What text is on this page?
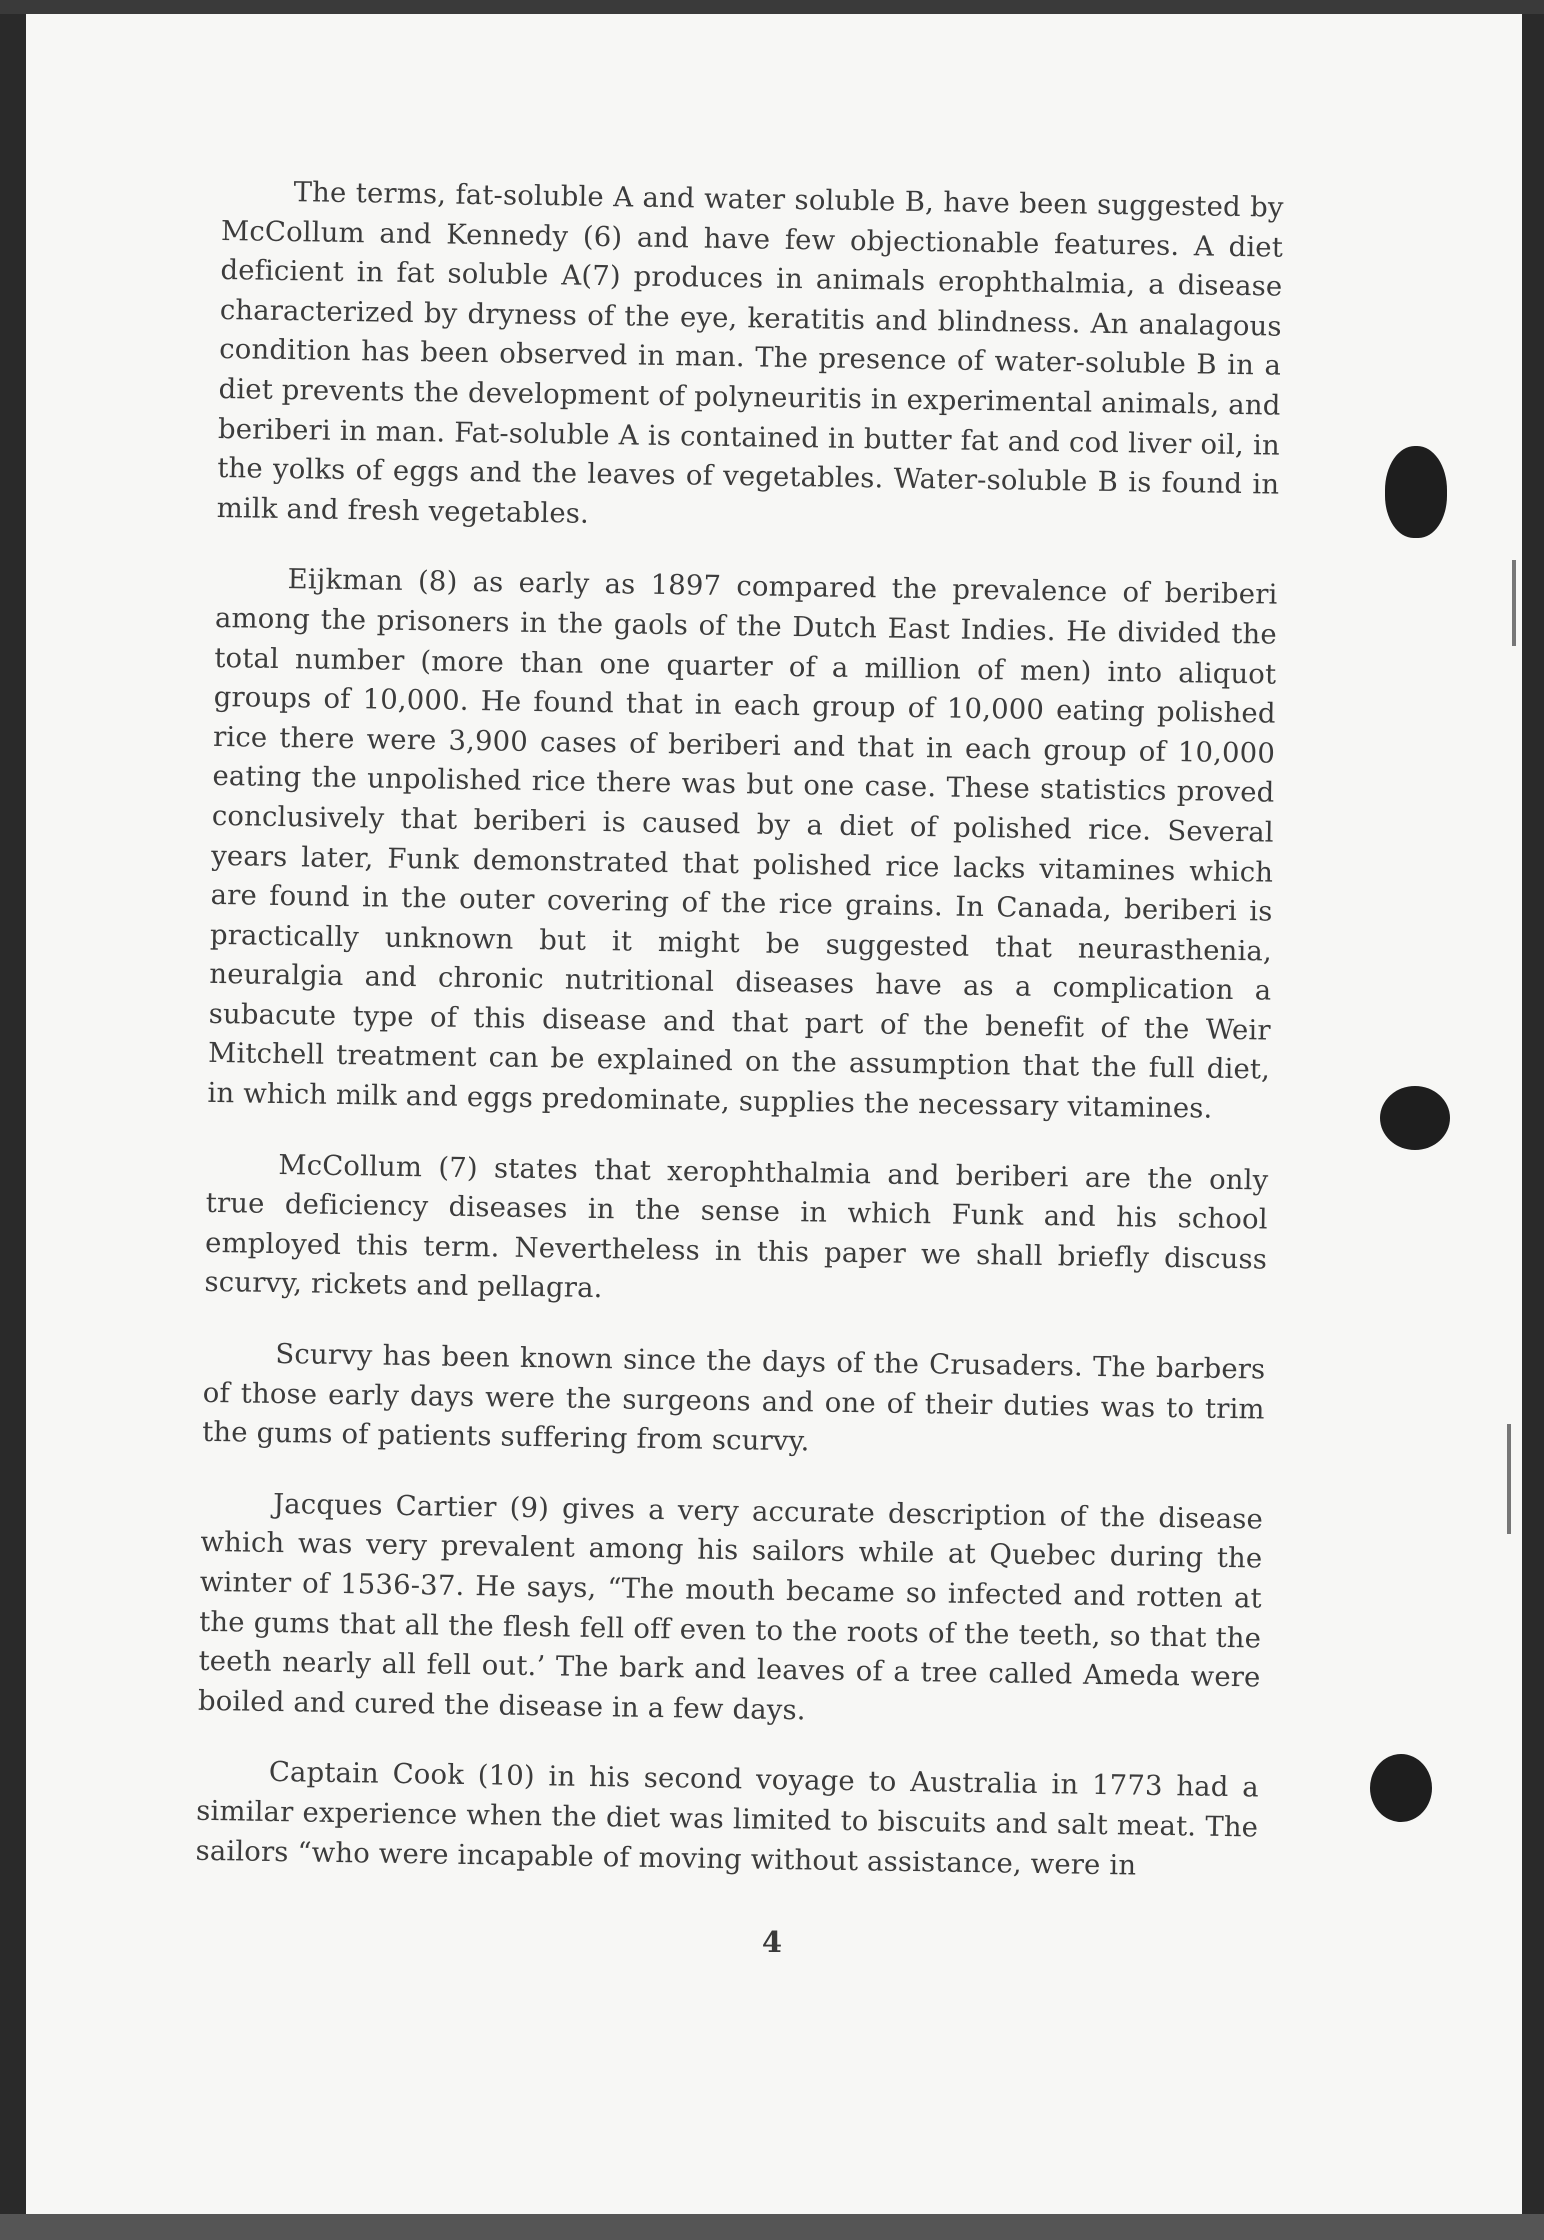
The terms, fat-soluble A and water soluble B, have been suggested by McCollum and Kennedy (6) and have few objectionable features. A diet deficient in fat soluble A(7) produces in animals erophthalmia, a disease characterized by dryness of the eye, keratitis and blindness. An analagous condition has been observed in man. The presence of water-soluble B in a diet prevents the development of polyneuritis in experimental animals, and beriberi in man. Fat-soluble A is contained in butter fat and cod liver oil, in the yolks of eggs and the leaves of vegetables. Water-soluble B is found in milk and fresh vegetables.

Eijkman (8) as early as 1897 compared the prevalence of beriberi among the prisoners in the gaols of the Dutch East Indies. He divided the total number (more than one quarter of a million of men) into aliquot groups of 10,000. He found that in each group of 10,000 eating polished rice there were 3,900 cases of beriberi and that in each group of 10,000 eating the unpolished rice there was but one case. These statistics proved conclusively that beriberi is caused by a diet of polished rice. Several years later, Funk demonstrated that polished rice lacks vitamines which are found in the outer covering of the rice grains. In Canada, beriberi is practically unknown but it might be suggested that neurasthenia, neuralgia and chronic nutritional diseases have as a complication a subacute type of this disease and that part of the benefit of the Weir Mitchell treatment can be explained on the assumption that the full diet, in which milk and eggs predominate, supplies the necessary vitamines.

McCollum (7) states that xerophthalmia and beriberi are the only true deficiency diseases in the sense in which Funk and his school employed this term. Nevertheless in this paper we shall briefly discuss scurvy, rickets and pellagra.

Scurvy has been known since the days of the Crusaders. The barbers of those early days were the surgeons and one of their duties was to trim the gums of patients suffering from scurvy.

Jacques Cartier (9) gives a very accurate description of the disease which was very prevalent among his sailors while at Quebec during the winter of 1536-37. He says, “The mouth became so infected and rotten at the gums that all the flesh fell off even to the roots of the teeth, so that the teeth nearly all fell out.’ The bark and leaves of a tree called Ameda were boiled and cured the disease in a few days.

Captain Cook (10) in his second voyage to Australia in 1773 had a similar experience when the diet was limited to biscuits and salt meat. The sailors “who were incapable of moving without assistance, were in

4
